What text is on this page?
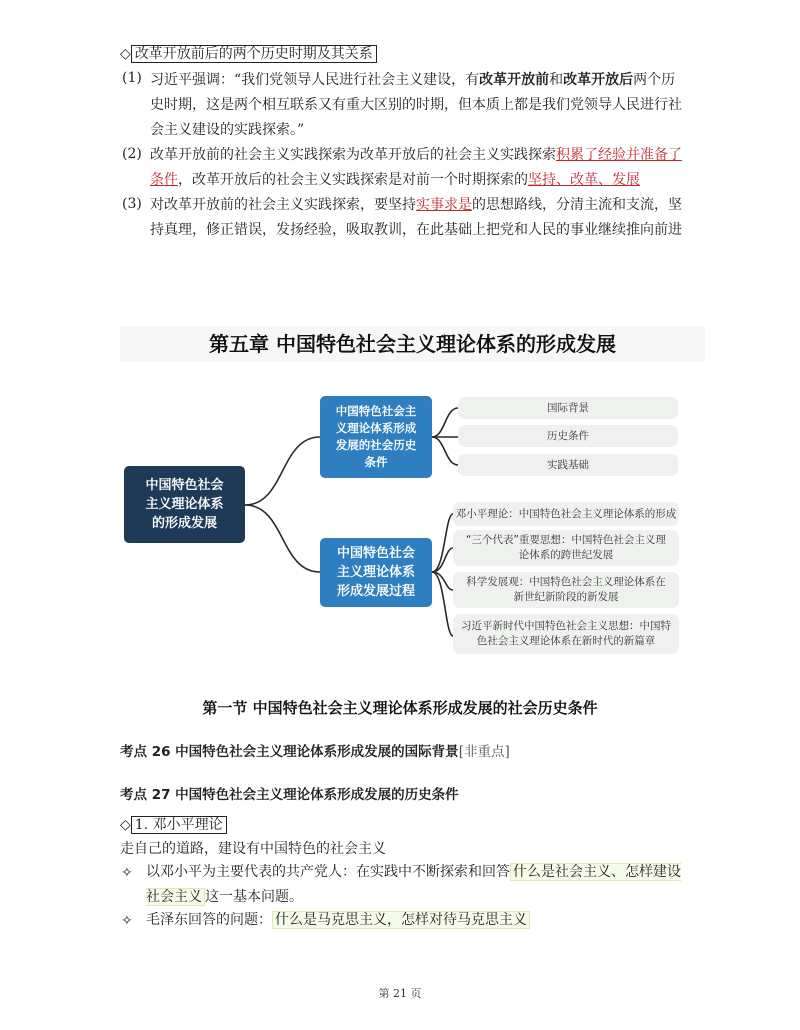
◇ 改革开放前后的两个历史时期及其关系
(1) 习近平强调：“我们党领导人民进行社会主义建设，有改革开放前和改革开放后两个历史时期，这是两个相互联系又有重大区别的时期，但本质上都是我们党领导人民进行社会主义建设的实践探索。”
(2) 改革开放前的社会主义实践探索为改革开放后的社会主义实践探索积累了经验并准备了条件，改革开放后的社会主义实践探索是对前一个时期探索的坚持、改革、发展
(3) 对改革开放前的社会主义实践探索，要坚持实事求是的思想路线，分清主流和支流，坚持真理，修正错误，发扬经验，吸取教训，在此基础上把党和人民的事业继续推向前进
第五章 中国特色社会主义理论体系的形成发展
中国特色社会主义理论体系的形成发展
中国特色社会主义理论体系形成发展的社会历史条件
中国特色社会主义理论体系形成发展过程
国际背景
历史条件
实践基础
邓小平理论：中国特色社会主义理论体系的形成
“三个代表”重要思想：中国特色社会主义理论体系的跨世纪发展
科学发展观：中国特色社会主义理论体系在新世纪新阶段的新发展
习近平新时代中国特色社会主义思想：中国特色社会主义理论体系在新时代的新篇章
第一节 中国特色社会主义理论体系形成发展的社会历史条件
考点 26 中国特色社会主义理论体系形成发展的国际背景[非重点]
考点 27 中国特色社会主义理论体系形成发展的历史条件
◇ 1. 邓小平理论
走自己的道路，建设有中国特色的社会主义
✧ 以邓小平为主要代表的共产党人：在实践中不断探索和回答 什么是社会主义、怎样建设社会主义 这一基本问题。
✧ 毛泽东回答的问题： 什么是马克思主义，怎样对待马克思主义
第 21 页
